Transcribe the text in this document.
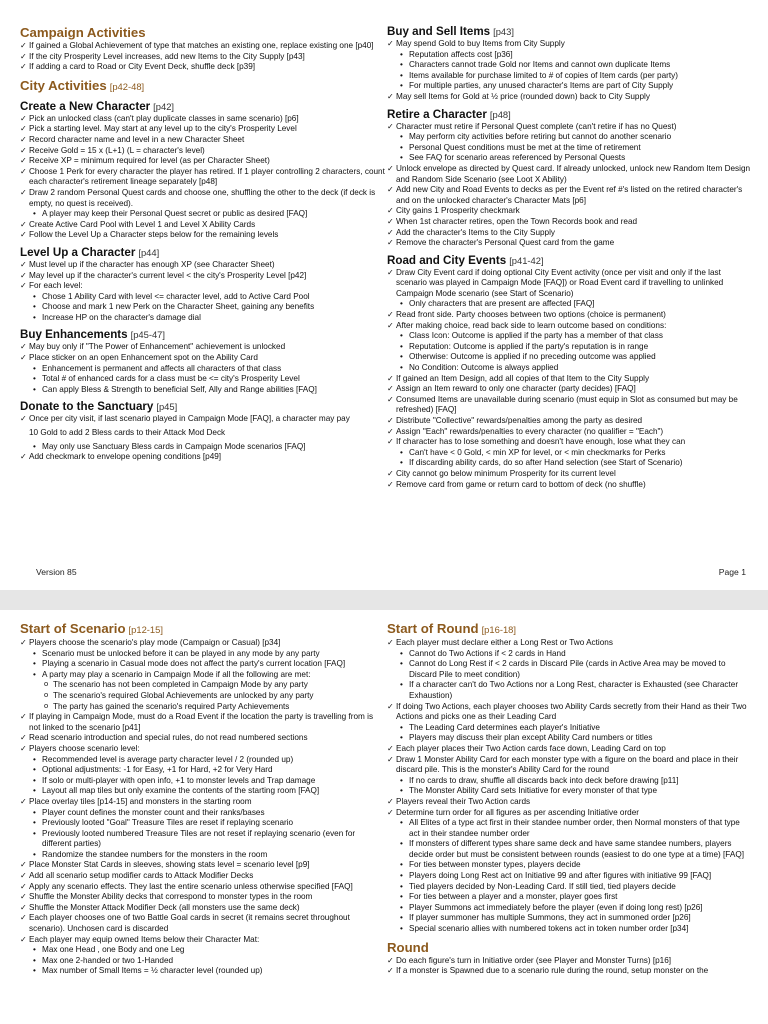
Campaign Activities
✓ If gained a Global Achievement of type that matches an existing one, replace existing one [p40]
✓ If the city Prosperity Level increases, add new Items to the City Supply [p43]
✓ If adding a card to Road or City Event Deck, shuffle deck [p39]
City Activities [p42-48]
Create a New Character [p42]
✓ Pick an unlocked class (can't play duplicate classes in same scenario) [p6]
✓ Pick a starting level. May start at any level up to the city's Prosperity Level
✓ Record character name and level in a new Character Sheet
✓ Receive Gold = 15 x (L+1) (L = character's level)
✓ Receive XP = minimum required for level (as per Character Sheet)
✓ Choose 1 Perk for every character the player has retired. If 1 player controlling 2 characters, count each character's retirement lineage separately [p48]
✓ Draw 2 random Personal Quest cards and choose one, shuffling the other to the deck (if deck is empty, no quest is received).
• A player may keep their Personal Quest secret or public as desired [FAQ]
✓ Create Active Card Pool with Level 1 and Level X Ability Cards
✓ Follow the Level Up a Character steps below for the remaining levels
Level Up a Character [p44]
✓ Must level up if the character has enough XP (see Character Sheet)
✓ May level up if the character's current level < the city's Prosperity Level [p42]
✓ For each level:
• Chose 1 Ability Card with level <= character level, add to Active Card Pool
• Choose and mark 1 new Perk on the Character Sheet, gaining any benefits
• Increase HP on the character's damage dial
Buy Enhancements [p45-47]
✓ May buy only if "The Power of Enhancement" achievement is unlocked
✓ Place sticker on an open Enhancement spot on the Ability Card
• Enhancement is permanent and affects all characters of that class
• Total # of enhanced cards for a class must be <= city's Prosperity Level
• Can apply Bless & Strength to beneficial Self, Ally and Range abilities [FAQ]
Donate to the Sanctuary [p45]
✓ Once per city visit, if last scenario played in Campaign Mode [FAQ], a character may pay
10 Gold to add 2 Bless cards to their Attack Mod Deck
• May only use Sanctuary Bless cards in Campaign Mode scenarios [FAQ]
✓ Add checkmark to envelope opening conditions [p49]
Buy and Sell Items [p43]
✓ May spend Gold to buy Items from City Supply
• Reputation affects cost [p36]
• Characters cannot trade Gold nor Items and cannot own duplicate Items
• Items available for purchase limited to # of copies of Item cards (per party)
• For multiple parties, any unused character's Items are part of City Supply
✓ May sell Items for Gold at ½ price (rounded down) back to City Supply
Retire a Character [p48]
✓ Character must retire if Personal Quest complete (can't retire if has no Quest)
• May perform city activities before retiring but cannot do another scenario
• Personal Quest conditions must be met at the time of retirement
• See FAQ for scenario areas referenced by Personal Quests
✓ Unlock envelope as directed by Quest card. If already unlocked, unlock new Random Item Design and Random Side Scenario (see Loot X Ability)
✓ Add new City and Road Events to decks as per the Event ref #'s listed on the retired character's and on the unlocked character's Character Mats [p6]
✓ City gains 1 Prosperity checkmark
✓ When 1st character retires, open the Town Records book and read
✓ Add the character's Items to the City Supply
✓ Remove the character's Personal Quest card from the game
Road and City Events [p41-42]
✓ Draw City Event card if doing optional City Event activity (once per visit and only if the last scenario was played in Campaign Mode [FAQ]) or Road Event card if travelling to unlinked Campaign Mode scenario (see Start of Scenario)
• Only characters that are present are affected [FAQ]
✓ Read front side. Party chooses between two options (choice is permanent)
✓ After making choice, read back side to learn outcome based on conditions:
• Class Icon: Outcome is applied if the party has a member of that class
• Reputation: Outcome is applied if the party's reputation is in range
• Otherwise: Outcome is applied if no preceding outcome was applied
• No Condition: Outcome is always applied
✓ If gained an Item Design, add all copies of that Item to the City Supply
✓ Assign an Item reward to only one character (party decides) [FAQ]
✓ Consumed Items are unavailable during scenario (must equip in Slot as consumed but may be refreshed) [FAQ]
✓ Distribute "Collective" rewards/penalties among the party as desired
✓ Assign "Each" rewards/penalties to every character (no qualifier = "Each")
✓ If character has to lose something and doesn't have enough, lose what they can
• Can't have < 0 Gold, < min XP for level, or < min checkmarks for Perks
• If discarding ability cards, do so after Hand selection (see Start of Scenario)
✓ City cannot go below minimum Prosperity for its current level
✓ Remove card from game or return card to bottom of deck (no shuffle)
Version 85	Page 1
Start of Scenario [p12-15]
✓ Players choose the scenario's play mode (Campaign or Casual) [p34]
• Scenario must be unlocked before it can be played in any mode by any party
• Playing a scenario in Casual mode does not affect the party's current location [FAQ]
• A party may play a scenario in Campaign Mode if all the following are met:
o The scenario has not been completed in Campaign Mode by any party
o The scenario's required Global Achievements are unlocked by any party
o The party has gained the scenario's required Party Achievements
✓ If playing in Campaign Mode, must do a Road Event if the location the party is travelling from is not linked to the scenario [p41]
✓ Read scenario introduction and special rules, do not read numbered sections
✓ Players choose scenario level:
• Recommended level is average party character level / 2 (rounded up)
• Optional adjustments: -1 for Easy, +1 for Hard, +2 for Very Hard
• If solo or multi-player with open info, +1 to monster levels and Trap damage
• Layout all map tiles but only examine the contents of the starting room [FAQ]
✓ Place overlay tiles [p14-15] and monsters in the starting room
• Player count defines the monster count and their ranks/bases
• Previously looted "Goal" Treasure Tiles are reset if replaying scenario
• Previously looted numbered Treasure Tiles are not reset if replaying scenario (even for different parties)
• Randomize the standee numbers for the monsters in the room
✓ Place Monster Stat Cards in sleeves, showing stats level = scenario level [p9]
✓ Add all scenario setup modifier cards to Attack Modifier Decks
✓ Apply any scenario effects. They last the entire scenario unless otherwise specified [FAQ]
✓ Shuffle the Monster Ability decks that correspond to monster types in the room
✓ Shuffle the Monster Attack Modifier Deck (all monsters use the same deck)
✓ Each player chooses one of two Battle Goal cards in secret (it remains secret throughout scenario). Unchosen card is discarded
✓ Each player may equip owned Items below their Character Mat:
• Max one Head , one Body and one Leg
• Max one 2-handed or two 1-Handed
• Max number of Small Items = ½ character level (rounded up)
Start of Round [p16-18]
✓ Each player must declare either a Long Rest or Two Actions
• Cannot do Two Actions if < 2 cards in Hand
• Cannot do Long Rest if < 2 cards in Discard Pile (cards in Active Area may be moved to Discard Pile to meet condition)
• If a character can't do Two Actions nor a Long Rest, character is Exhausted (see Character Exhaustion)
✓ If doing Two Actions, each player chooses two Ability Cards secretly from their Hand as their Two Actions and picks one as their Leading Card
• The Leading Card determines each player's Initiative
• Players may discuss their plan except Ability Card numbers or titles
✓ Each player places their Two Action cards face down, Leading Card on top
✓ Draw 1 Monster Ability Card for each monster type with a figure on the board and place in their discard pile. This is the monster's Ability Card for the round
• If no cards to draw, shuffle all discards back into deck before drawing [p11]
• The Monster Ability Card sets Initiative for every monster of that type
✓ Players reveal their Two Action cards
✓ Determine turn order for all figures as per ascending Initiative order
• All Elites of a type act first in their standee number order, then Normal monsters of that type act in their standee number order
• If monsters of different types share same deck and have same standee numbers, players decide order but must be consistent between rounds (easiest to do one type at a time) [FAQ]
• For ties between monster types, players decide
• Players doing Long Rest act on Initiative 99 and after figures with initiative 99 [FAQ]
• Tied players decided by Non-Leading Card. If still tied, tied players decide
• For ties between a player and a monster, player goes first
• Player Summons act immediately before the player (even if doing long rest) [p26]
• If player summoner has multiple Summons, they act in summoned order [p26]
• Special scenario allies with numbered tokens act in token number order [p34]
Round
✓ Do each figure's turn in Initiative order (see Player and Monster Turns) [p16]
✓ If a monster is Spawned due to a scenario rule during the round, setup monster on the
